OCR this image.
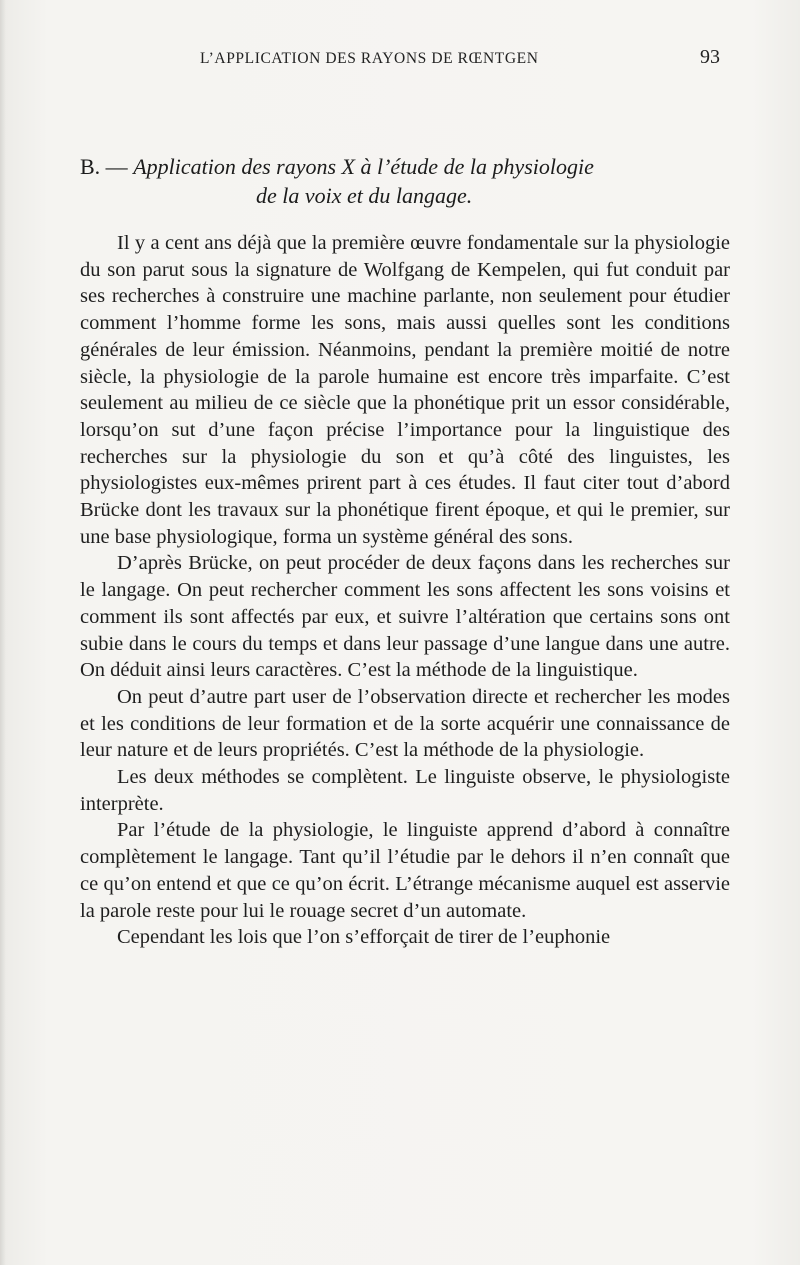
L’APPLICATION DES RAYONS DE RŒNTGEN	93
B. — Application des rayons X à l’étude de la physiologie
de la voix et du langage.

Il y a cent ans déjà que la première œuvre fondamentale sur la physiologie du son parut sous la signature de Wolfgang de Kempelen, qui fut conduit par ses recherches à construire une machine parlante, non seulement pour étudier comment l’homme forme les sons, mais aussi quelles sont les conditions générales de leur émission. Néanmoins, pendant la première moitié de notre siècle, la physiologie de la parole humaine est encore très imparfaite. C’est seulement au milieu de ce siècle que la phonétique prit un essor considérable, lorsqu’on sut d’une façon précise l’importance pour la linguistique des recherches sur la physiologie du son et qu’à côté des linguistes, les physiologistes eux-mêmes prirent part à ces études. Il faut citer tout d’abord Brücke dont les travaux sur la phonétique firent époque, et qui le premier, sur une base physiologique, forma un système général des sons.

D’après Brücke, on peut procéder de deux façons dans les recherches sur le langage. On peut rechercher comment les sons affectent les sons voisins et comment ils sont affectés par eux, et suivre l’altération que certains sons ont subie dans le cours du temps et dans leur passage d’une langue dans une autre. On déduit ainsi leurs caractères. C’est la méthode de la linguistique.

On peut d’autre part user de l’observation directe et rechercher les modes et les conditions de leur formation et de la sorte acquérir une connaissance de leur nature et de leurs propriétés. C’est la méthode de la physiologie.

Les deux méthodes se complètent. Le linguiste observe, le physiologiste interprète.

Par l’étude de la physiologie, le linguiste apprend d’abord à connaître complètement le langage. Tant qu’il l’étudie par le dehors il n’en connaît que ce qu’on entend et que ce qu’on écrit. L’étrange mécanisme auquel est asservie la parole reste pour lui le rouage secret d’un automate.

Cependant les lois que l’on s’efforçait de tirer de l’euphonie
